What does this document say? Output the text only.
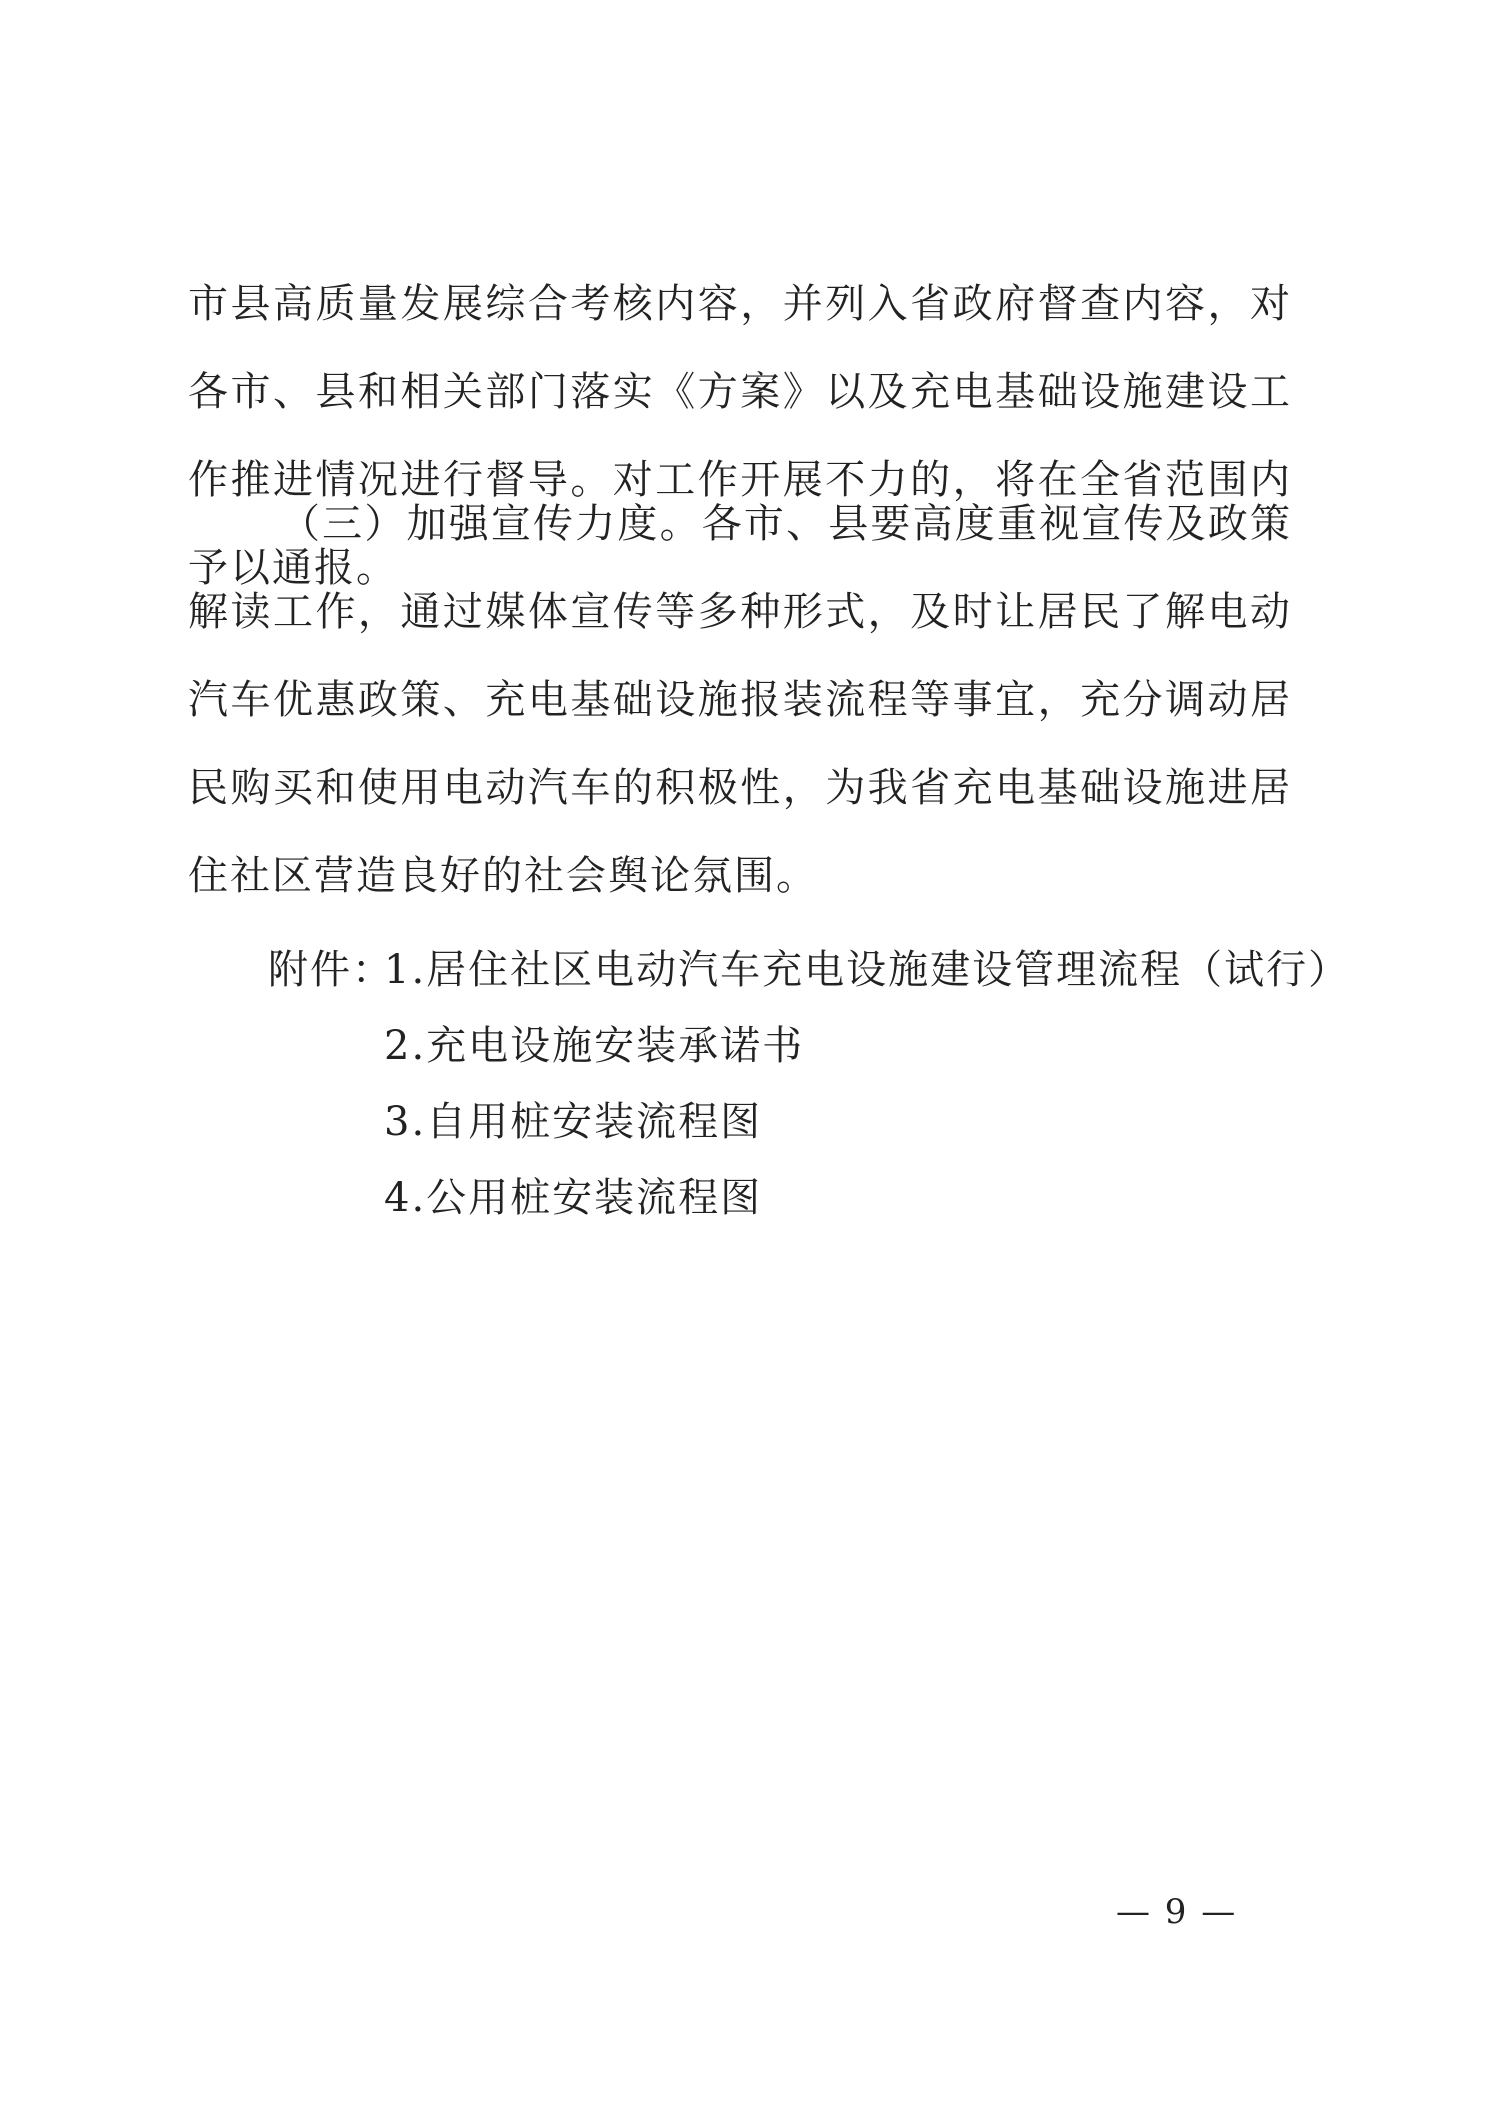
市县高质量发展综合考核内容，并列入省政府督查内容，对各市、县和相关部门落实《方案》以及充电基础设施建设工作推进情况进行督导。对工作开展不力的，将在全省范围内予以通报。

（三）加强宣传力度。各市、县要高度重视宣传及政策解读工作，通过媒体宣传等多种形式，及时让居民了解电动汽车优惠政策、充电基础设施报装流程等事宜，充分调动居民购买和使用电动汽车的积极性，为我省充电基础设施进居住社区营造良好的社会舆论氛围。

附件：
1.居住社区电动汽车充电设施建设管理流程（试行）
2.充电设施安装承诺书
3.自用桩安装流程图
4.公用桩安装流程图
— 9 —
